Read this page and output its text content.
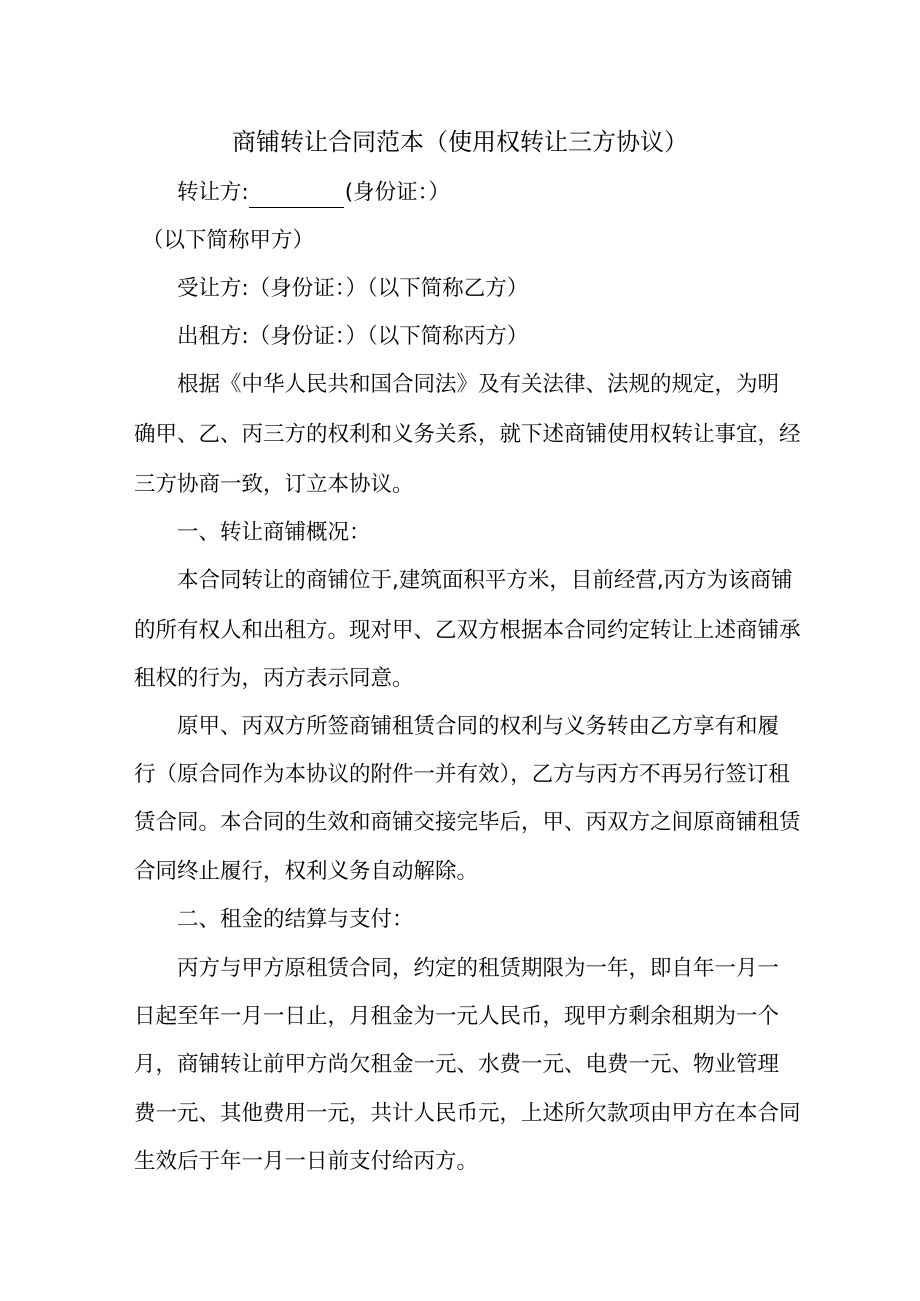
商铺转让合同范本（使用权转让三方协议）
转让方:	(身份证：）
（以下简称甲方）
受让方:（身份证：）（以下简称乙方）
出租方:（身份证：）（以下简称丙方）
根据《中华人民共和国合同法》及有关法律、法规的规定，为明
确甲、乙、丙三方的权利和义务关系，就下述商铺使用权转让事宜，经
三方协商一致，订立本协议。
一、转让商铺概况：
本合同转让的商铺位于,建筑面积平方米，目前经营,丙方为该商铺
的所有权人和出租方。现对甲、乙双方根据本合同约定转让上述商铺承
租权的行为，丙方表示同意。
原甲、丙双方所签商铺租赁合同的权利与义务转由乙方享有和履
行（原合同作为本协议的附件一并有效），乙方与丙方不再另行签订租
赁合同。本合同的生效和商铺交接完毕后，甲、丙双方之间原商铺租赁
合同终止履行，权利义务自动解除。
二、租金的结算与支付：
丙方与甲方原租赁合同，约定的租赁期限为一年，即自年一月一
日起至年一月一日止，月租金为一元人民币，现甲方剩余租期为一个
月，商铺转让前甲方尚欠租金一元、水费一元、电费一元、物业管理
费一元、其他费用一元，共计人民币元，上述所欠款项由甲方在本合同
生效后于年一月一日前支付给丙方。
